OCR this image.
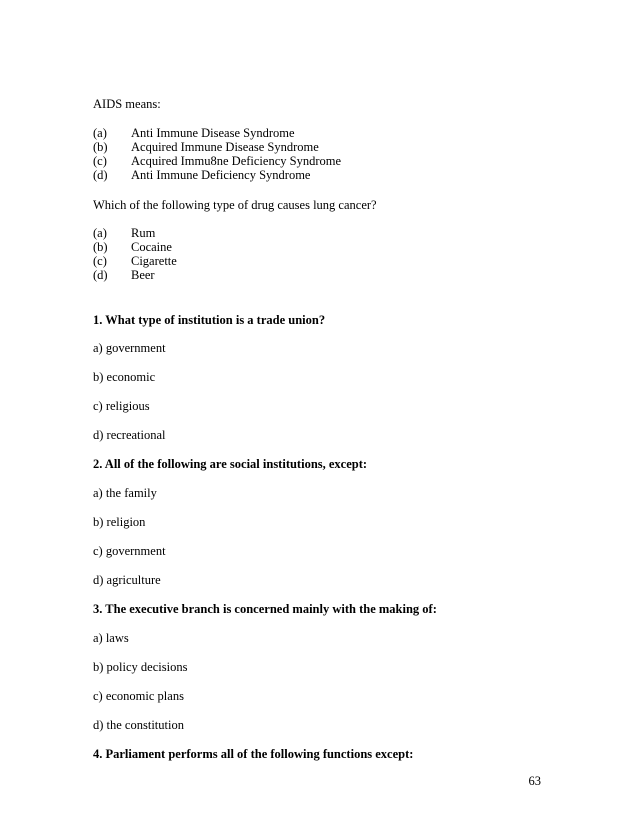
AIDS means:
(a) Anti Immune Disease Syndrome
(b) Acquired Immune Disease Syndrome
(c) Acquired Immu8ne Deficiency Syndrome
(d) Anti Immune Deficiency Syndrome
Which of the following type of drug causes lung cancer?
(a) Rum
(b) Cocaine
(c) Cigarette
(d) Beer
1. What type of institution is a trade union?
a) government
b) economic
c) religious
d) recreational
2. All of the following are social institutions, except:
a) the family
b) religion
c) government
d) agriculture
3. The executive branch is concerned mainly with the making of:
a) laws
b) policy decisions
c) economic plans
d) the constitution
4. Parliament performs all of the following functions except:
63
